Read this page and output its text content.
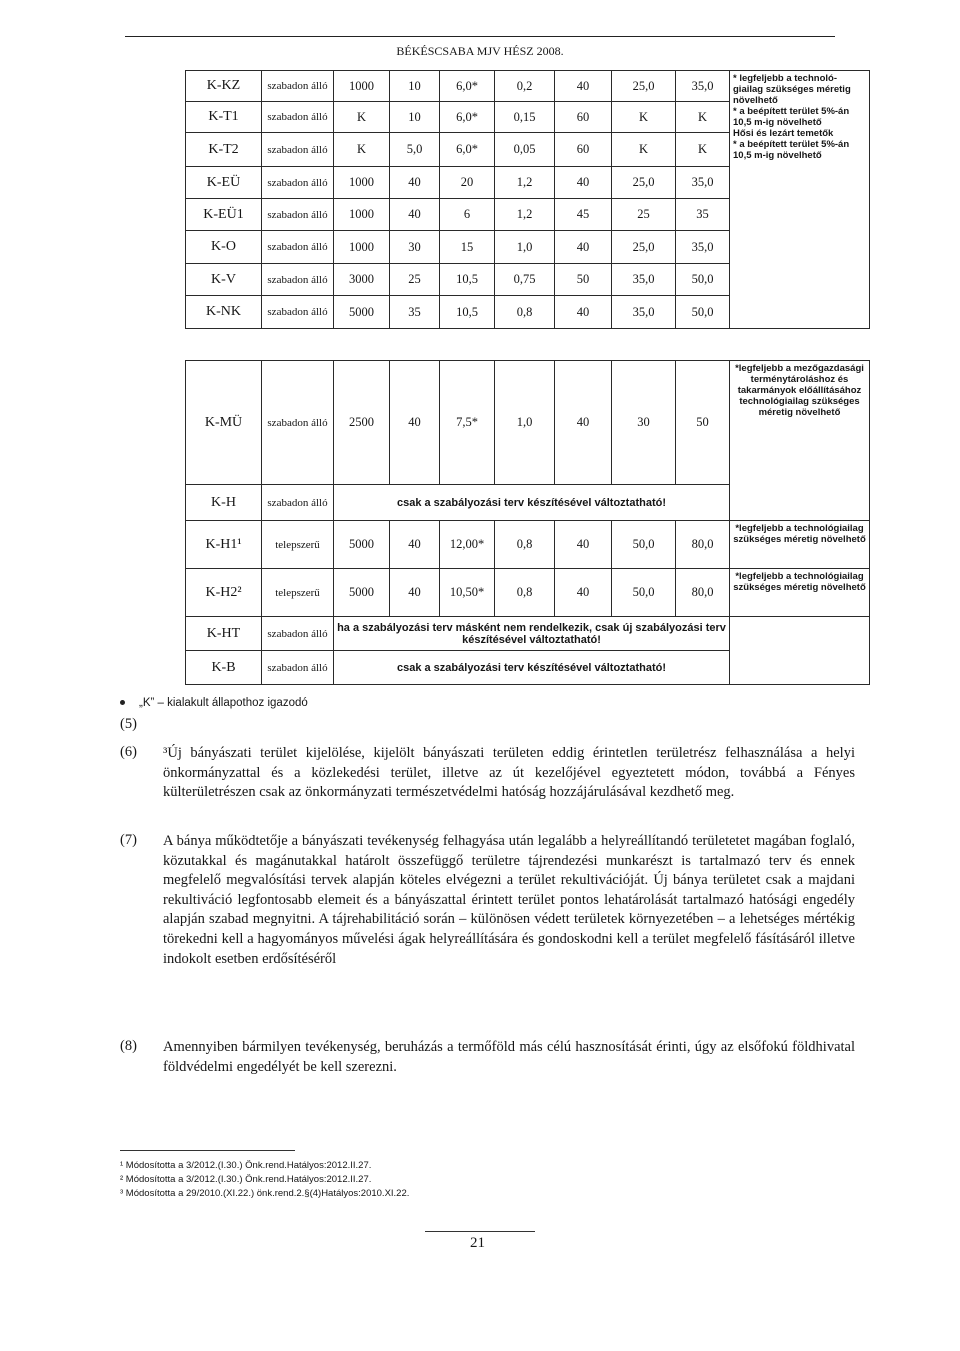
BÉKÉSCSABA MJV HÉSZ 2008.
K-KZ	szabadon álló	1000	10	6,0*	0,2	40	25,0	35,0	* legfeljebb a technoló-giailag szükséges méretig növelhető
* a beépített terület 5%-án 10,5 m-ig növelhető
Hősi és lezárt temetők
* a beépített terület 5%-án 10,5 m-ig növelhető

K-T1	szabadon álló	K	10	6,0*	0,15	60	K	K	
K-T2	szabadon álló	K	5,0	6,0*	0,05	60	K	K	
K-EÜ	szabadon álló	1000	40	20	1,2	40	25,0	35,0	
K-EÜ1	szabadon álló	1000	40	6	1,2	45	25	35	
K-O	szabadon álló	1000	30	15	1,0	40	25,0	35,0	
K-V	szabadon álló	3000	25	10,5	0,75	50	35,0	50,0	
K-NK	szabadon álló	5000	35	10,5	0,8	40	35,0	50,0	
K-MÜ	szabadon álló	2500	40	7,5*	1,0	40	30	50	*legfeljebb a mezőgazdasági terménytároláshoz és takarmányok előállításához technológiailag szükséges méretig növelhető
K-H	szabadon álló	csak a szabályozási terv készítésével változtatható!							
K-H1¹	telepszerű	5000	40	12,00*	0,8	40	50,0	80,0	*legfeljebb a technológiailag szükséges méretig növelhető
K-H2²	telepszerű	5000	40	10,50*	0,8	40	50,0	80,0	*legfeljebb a technológiailag szükséges méretig növelhető
K-HT	szabadon álló	ha a szabályozási terv másként nem rendelkezik, csak új szabályozási terv készítésével változtatható!							
K-B	szabadon álló	csak a szabályozási terv készítésével változtatható!							
„K” – kialakult állapothoz igazodó
(5)
(6) ³Új bányászati terület kijelölése, kijelölt bányászati területen eddig érintetlen területrész felhasználása a helyi önkormányzattal és a közlekedési terület, illetve az út kezelőjével egyeztetett módon, továbbá a Fényes külterületrészen csak az önkormányzati természetvédelmi hatóság hozzájárulásával kezdhető meg.
(7) A bánya működtetője a bányászati tevékenység felhagyása után legalább a helyreállítandó területetet magában foglaló, közutakkal és magánutakkal határolt összefüggő területre tájrendezési munkarészt is tartalmazó terv és ennek megfelelő megvalósítási tervek alapján köteles elvégezni a terület rekultivációját. Új bánya területet csak a majdani rekultiváció legfontosabb elemeit és a bányászattal érintett terület pontos lehatárolását tartalmazó hatósági engedély alapján szabad megnyitni. A tájrehabilitáció során – különösen védett területek környezetében – a lehetséges mértékig törekedni kell a hagyományos művelési ágak helyreállítására és gondoskodni kell a terület megfelelő fásításáról illetve indokolt esetben erdősítéséről
(8) Amennyiben bármilyen tevékenység, beruházás a termőföld más célú hasznosítását érinti, úgy az elsőfokú földhivatal földvédelmi engedélyét be kell szerezni.
¹ Módosította a 3/2012.(I.30.) Önk.rend.Hatályos:2012.II.27.
² Módosította a 3/2012.(I.30.) Önk.rend.Hatályos:2012.II.27.
³ Módosította a 29/2010.(XI.22.) önk.rend.2.§(4)Hatályos:2010.XI.22.
21
